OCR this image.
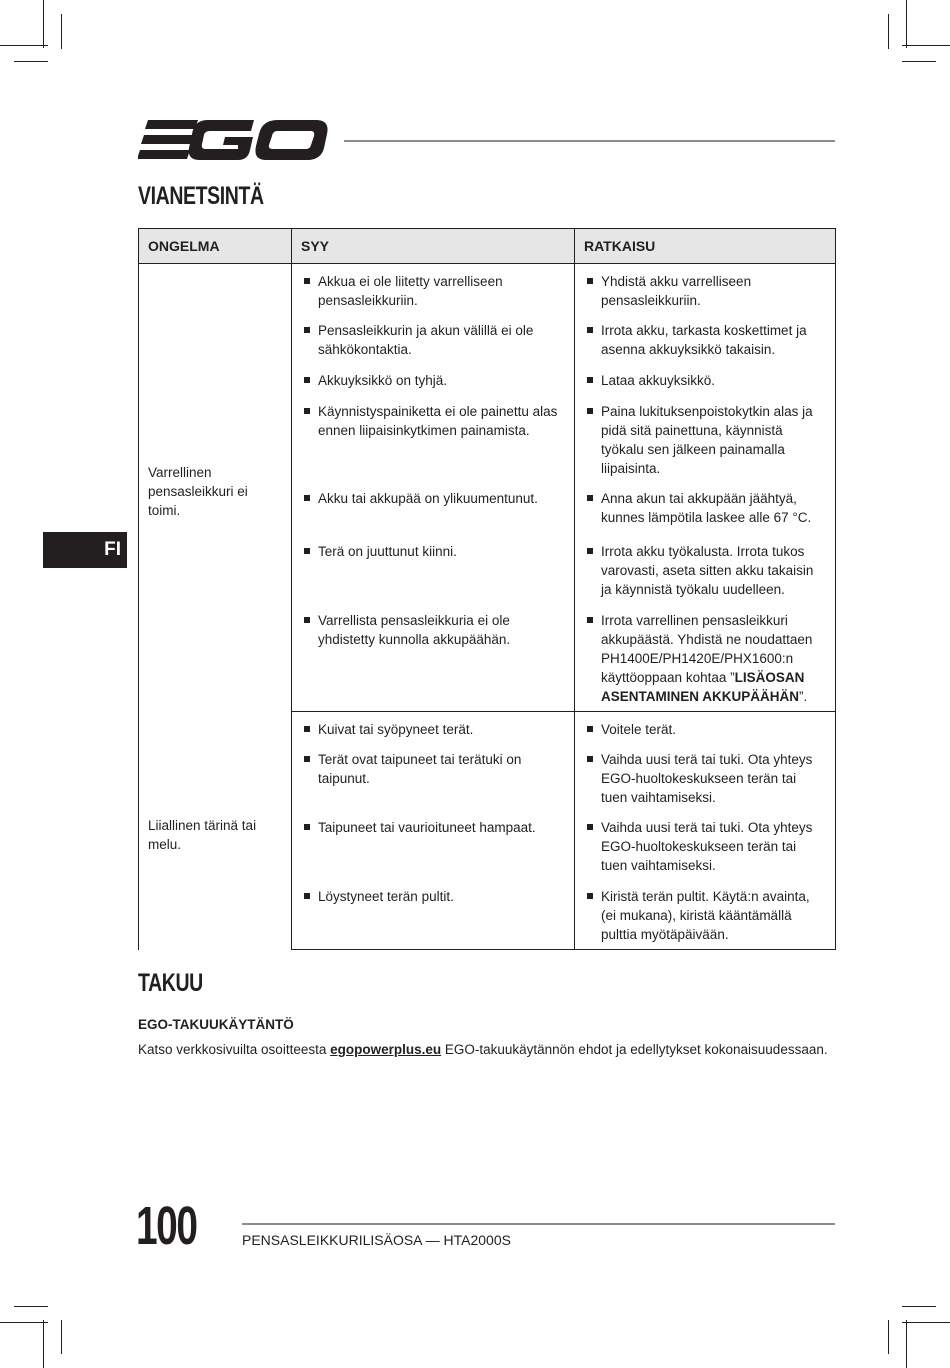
FI
VIANETSINTÄ
ONGELMA	SYY	RATKAISU
Varrellinen pensasleikkuri ei toimi.	Akkua ei ole liitetty varrelliseen pensasleikkuriin.	Yhdistä akku varrelliseen pensasleikkuriin.

	Pensasleikkurin ja akun välillä ei ole sähkökontaktia.	Irrota akku, tarkasta koskettimet ja asenna akkuyksikkö takaisin.

	Akkuyksikkö on tyhjä.	Lataa akkuyksikkö.

	Käynnistyspainiketta ei ole painettu alas ennen liipaisinkytkimen painamista.	Paina lukituksenpoistokytkin alas ja pidä sitä painettuna, käynnistä työkalu sen jälkeen painamalla liipaisinta.

	Akku tai akkupää on ylikuumentunut.	Anna akun tai akkupään jäähtyä, kunnes lämpötila laskee alle 67 °C.

	Terä on juuttunut kiinni.	Irrota akku työkalusta. Irrota tukos varovasti, aseta sitten akku takaisin ja käynnistä työkalu uudelleen.

	Varrellista pensasleikkuria ei ole yhdistetty kunnolla akkupäähän.	Irrota varrellinen pensasleikkuri akkupäästä. Yhdistä ne noudattaen PH1400E/PH1420E/PHX1600:n käyttöoppaan kohtaa ”LISÄOSAN ASENTAMINEN AKKUPÄÄHÄN”.

Liiallinen tärinä tai melu.	Kuivat tai syöpyneet terät.	Voitele terät.

	Terät ovat taipuneet tai terätuki on taipunut.	Vaihda uusi terä tai tuki. Ota yhteys EGO-huoltokeskukseen terän tai tuen vaihtamiseksi.

	Taipuneet tai vaurioituneet hampaat.	Vaihda uusi terä tai tuki. Ota yhteys EGO-huoltokeskukseen terän tai tuen vaihtamiseksi.

	Löystyneet terän pultit.	Kiristä terän pultit. Käytä:n avainta, (ei mukana), kiristä kääntämällä pulttia myötäpäivään.
TAKUU
EGO-TAKUUKÄYTÄNTÖ
Katso verkkosivuilta osoitteesta egopowerplus.eu EGO-takuukäytännön ehdot ja edellytykset kokonaisuudessaan.
100	PENSASLEIKKURILISÄOSA — HTA2000S
